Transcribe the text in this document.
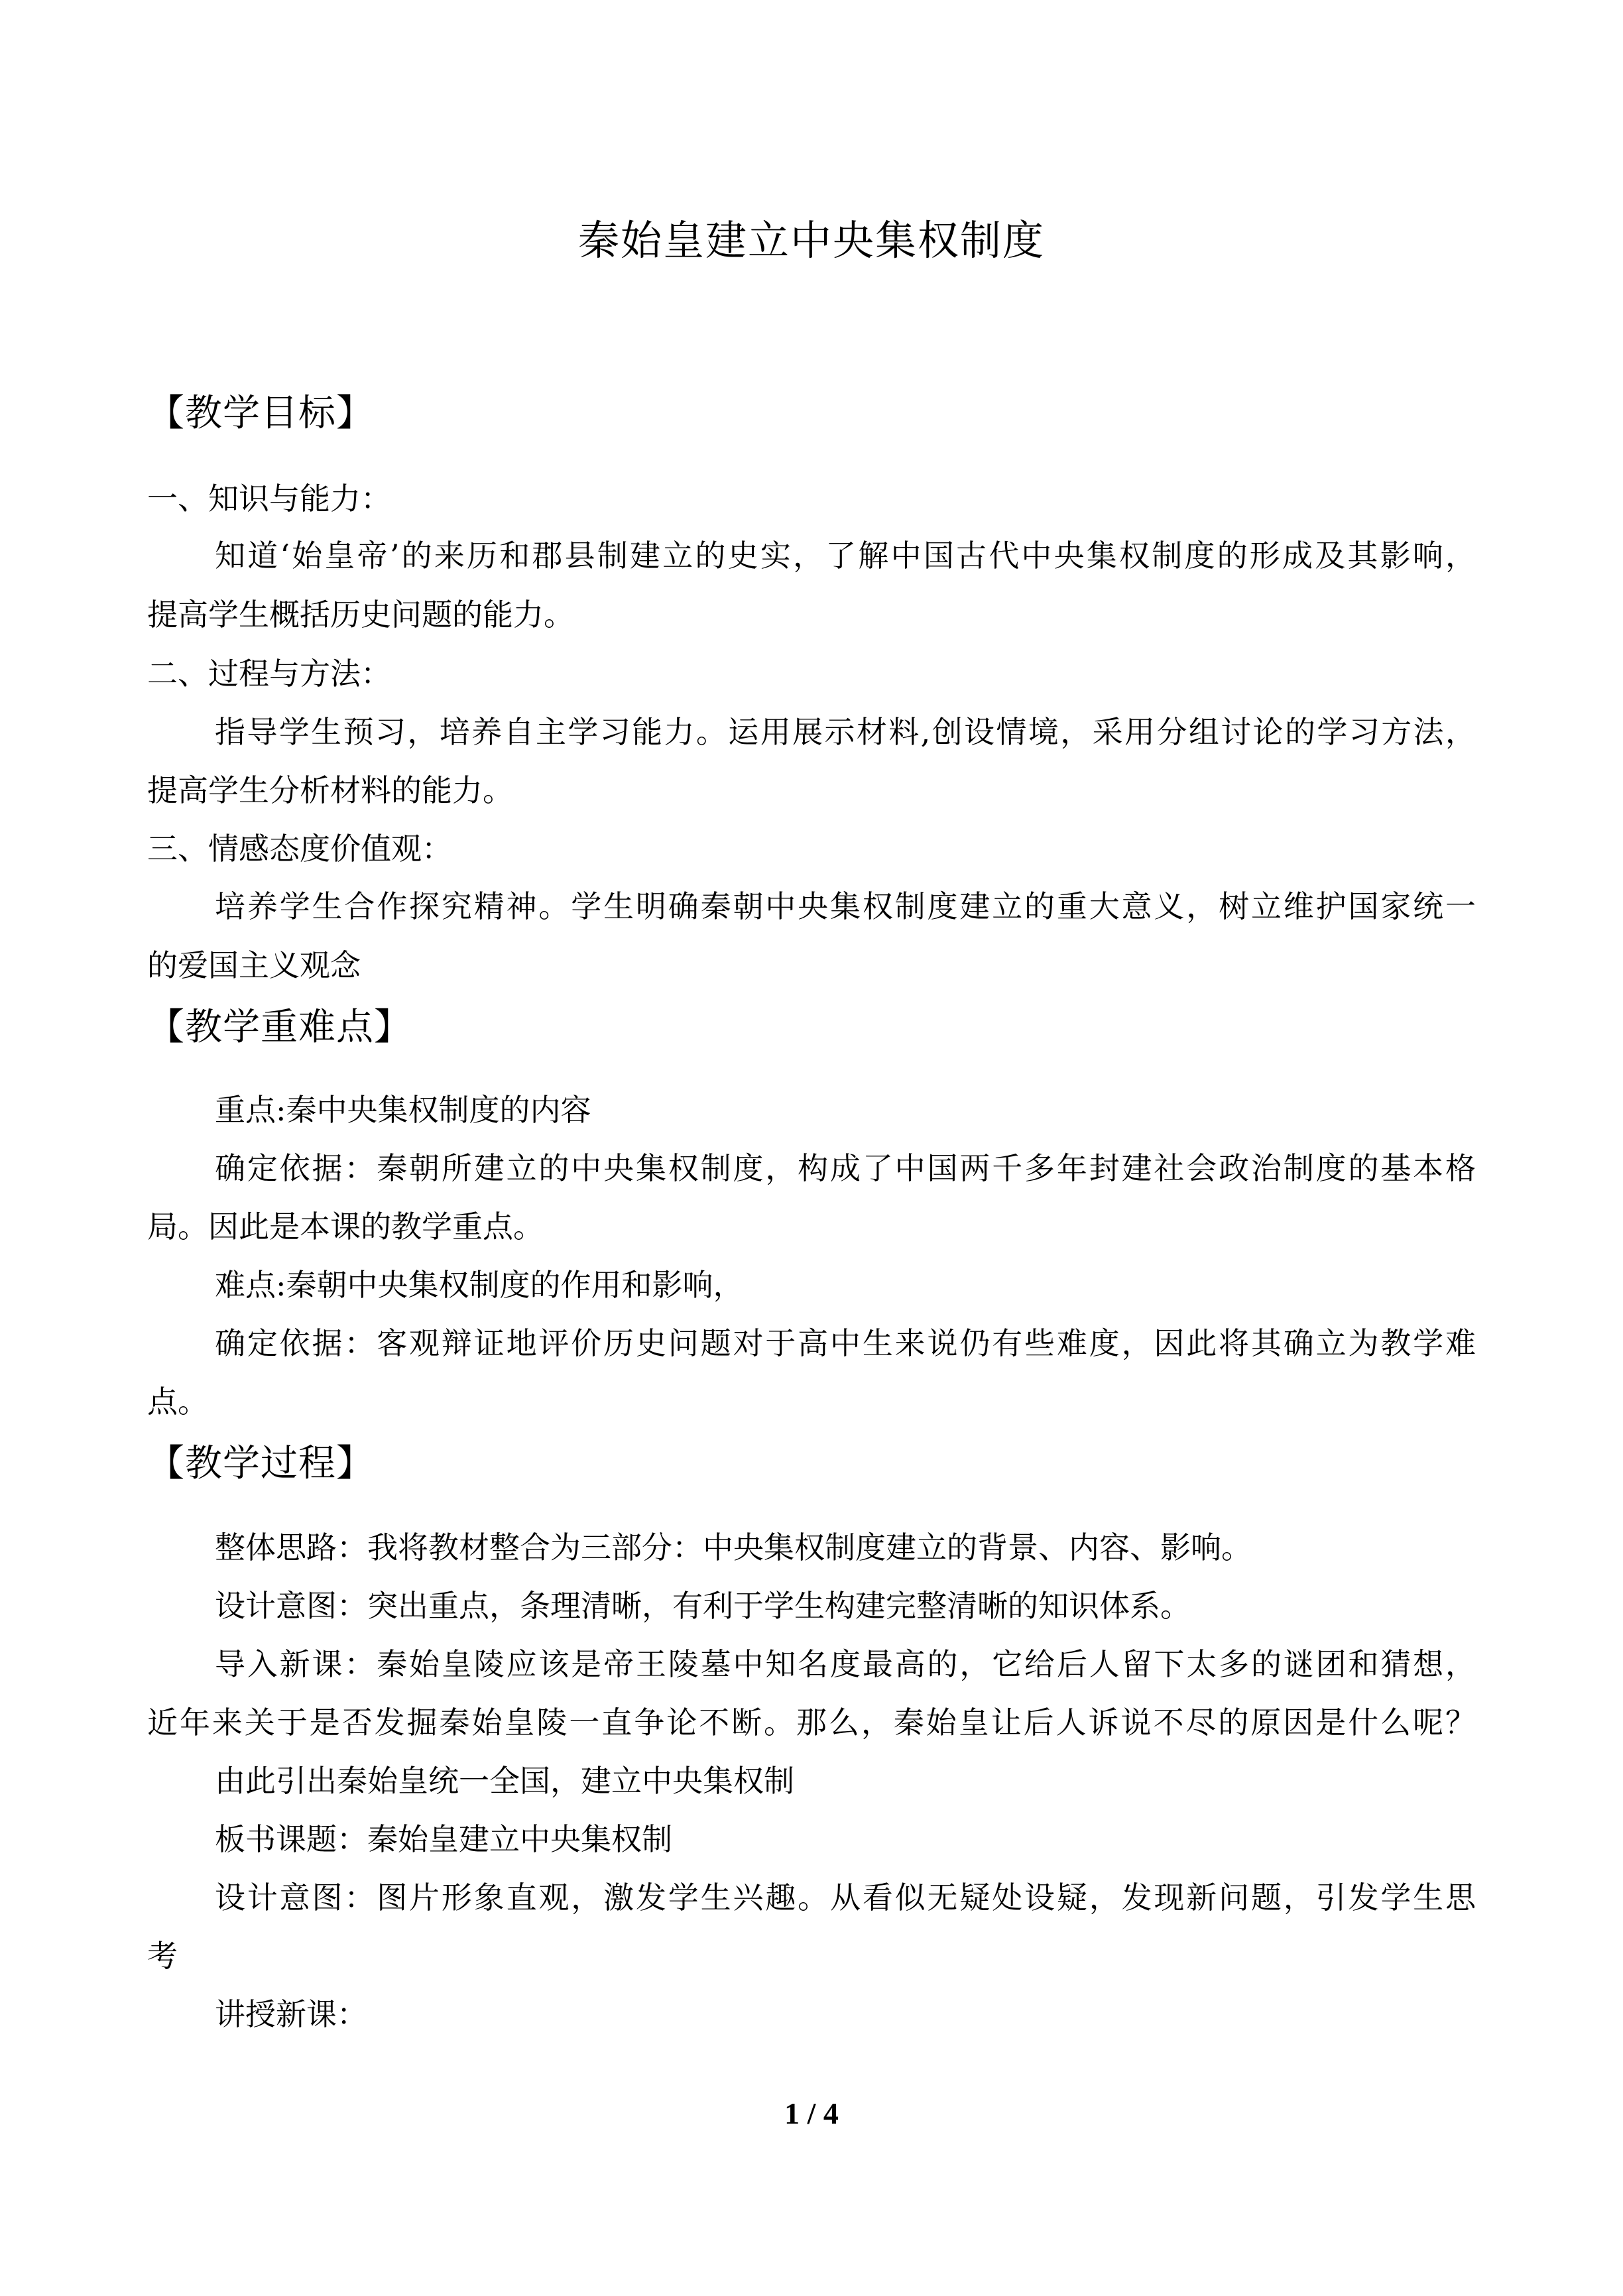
秦始皇建立中央集权制度
【教学目标】
一、知识与能力：
知道‘始皇帝’的来历和郡县制建立的史实，了解中国古代中央集权制度的形成及其影响，
提高学生概括历史问题的能力。
二、过程与方法：
指导学生预习，培养自主学习能力。运用展示材料,创设情境，采用分组讨论的学习方法，
提高学生分析材料的能力。
三、情感态度价值观：
培养学生合作探究精神。学生明确秦朝中央集权制度建立的重大意义，树立维护国家统一
的爱国主义观念
【教学重难点】
重点:秦中央集权制度的内容
确定依据：秦朝所建立的中央集权制度，构成了中国两千多年封建社会政治制度的基本格
局。因此是本课的教学重点。
难点:秦朝中央集权制度的作用和影响，
确定依据：客观辩证地评价历史问题对于高中生来说仍有些难度，因此将其确立为教学难
点。
【教学过程】
整体思路：我将教材整合为三部分：中央集权制度建立的背景、内容、影响。
设计意图：突出重点，条理清晰，有利于学生构建完整清晰的知识体系。
导入新课：秦始皇陵应该是帝王陵墓中知名度最高的，它给后人留下太多的谜团和猜想，
近年来关于是否发掘秦始皇陵一直争论不断。那么，秦始皇让后人诉说不尽的原因是什么呢？
由此引出秦始皇统一全国，建立中央集权制
板书课题：秦始皇建立中央集权制
设计意图：图片形象直观，激发学生兴趣。从看似无疑处设疑，发现新问题，引发学生思
考
讲授新课：
1 / 4
